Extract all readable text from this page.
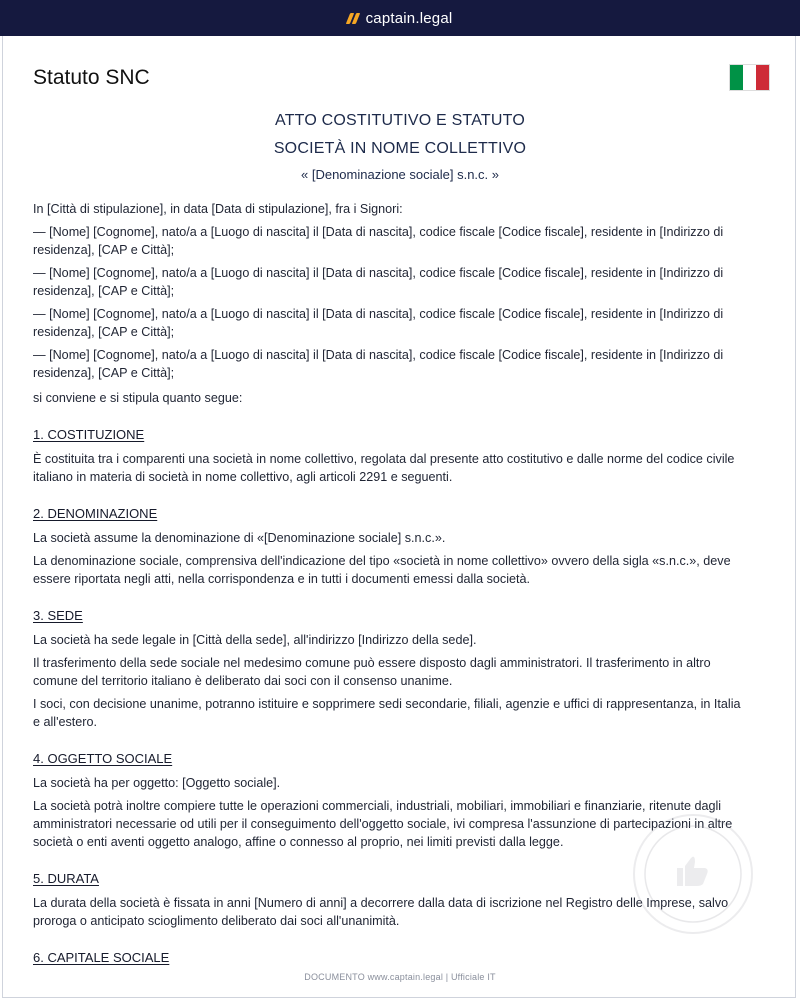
captain.legal
Statuto SNC
ATTO COSTITUTIVO E STATUTO
SOCIETÀ IN NOME COLLETTIVO
« [Denominazione sociale] s.n.c. »

In [Città di stipulazione], in data [Data di stipulazione], fra i Signori:

— [Nome] [Cognome], nato/a a [Luogo di nascita] il [Data di nascita], codice fiscale [Codice fiscale], residente in [Indirizzo di residenza], [CAP e Città];

— [Nome] [Cognome], nato/a a [Luogo di nascita] il [Data di nascita], codice fiscale [Codice fiscale], residente in [Indirizzo di residenza], [CAP e Città];

— [Nome] [Cognome], nato/a a [Luogo di nascita] il [Data di nascita], codice fiscale [Codice fiscale], residente in [Indirizzo di residenza], [CAP e Città];

— [Nome] [Cognome], nato/a a [Luogo di nascita] il [Data di nascita], codice fiscale [Codice fiscale], residente in [Indirizzo di residenza], [CAP e Città];

si conviene e si stipula quanto segue:

1. COSTITUZIONE

È costituita tra i comparenti una società in nome collettivo, regolata dal presente atto costitutivo e dalle norme del codice civile italiano in materia di società in nome collettivo, agli articoli 2291 e seguenti.

2. DENOMINAZIONE

La società assume la denominazione di «[Denominazione sociale] s.n.c.».

La denominazione sociale, comprensiva dell'indicazione del tipo «società in nome collettivo» ovvero della sigla «s.n.c.», deve essere riportata negli atti, nella corrispondenza e in tutti i documenti emessi dalla società.

3. SEDE

La società ha sede legale in [Città della sede], all'indirizzo [Indirizzo della sede].

Il trasferimento della sede sociale nel medesimo comune può essere disposto dagli amministratori. Il trasferimento in altro comune del territorio italiano è deliberato dai soci con il consenso unanime.

I soci, con decisione unanime, potranno istituire e sopprimere sedi secondarie, filiali, agenzie e uffici di rappresentanza, in Italia e all'estero.

4. OGGETTO SOCIALE

La società ha per oggetto: [Oggetto sociale].

La società potrà inoltre compiere tutte le operazioni commerciali, industriali, mobiliari, immobiliari e finanziarie, ritenute dagli amministratori necessarie od utili per il conseguimento dell'oggetto sociale, ivi compresa l'assunzione di partecipazioni in altre società o enti aventi oggetto analogo, affine o connesso al proprio, nei limiti previsti dalla legge.

5. DURATA

La durata della società è fissata in anni [Numero di anni] a decorrere dalla data di iscrizione nel Registro delle Imprese, salvo proroga o anticipato scioglimento deliberato dai soci all'unanimità.

6. CAPITALE SOCIALE
DOCUMENTO www.captain.legal | Ufficiale IT
